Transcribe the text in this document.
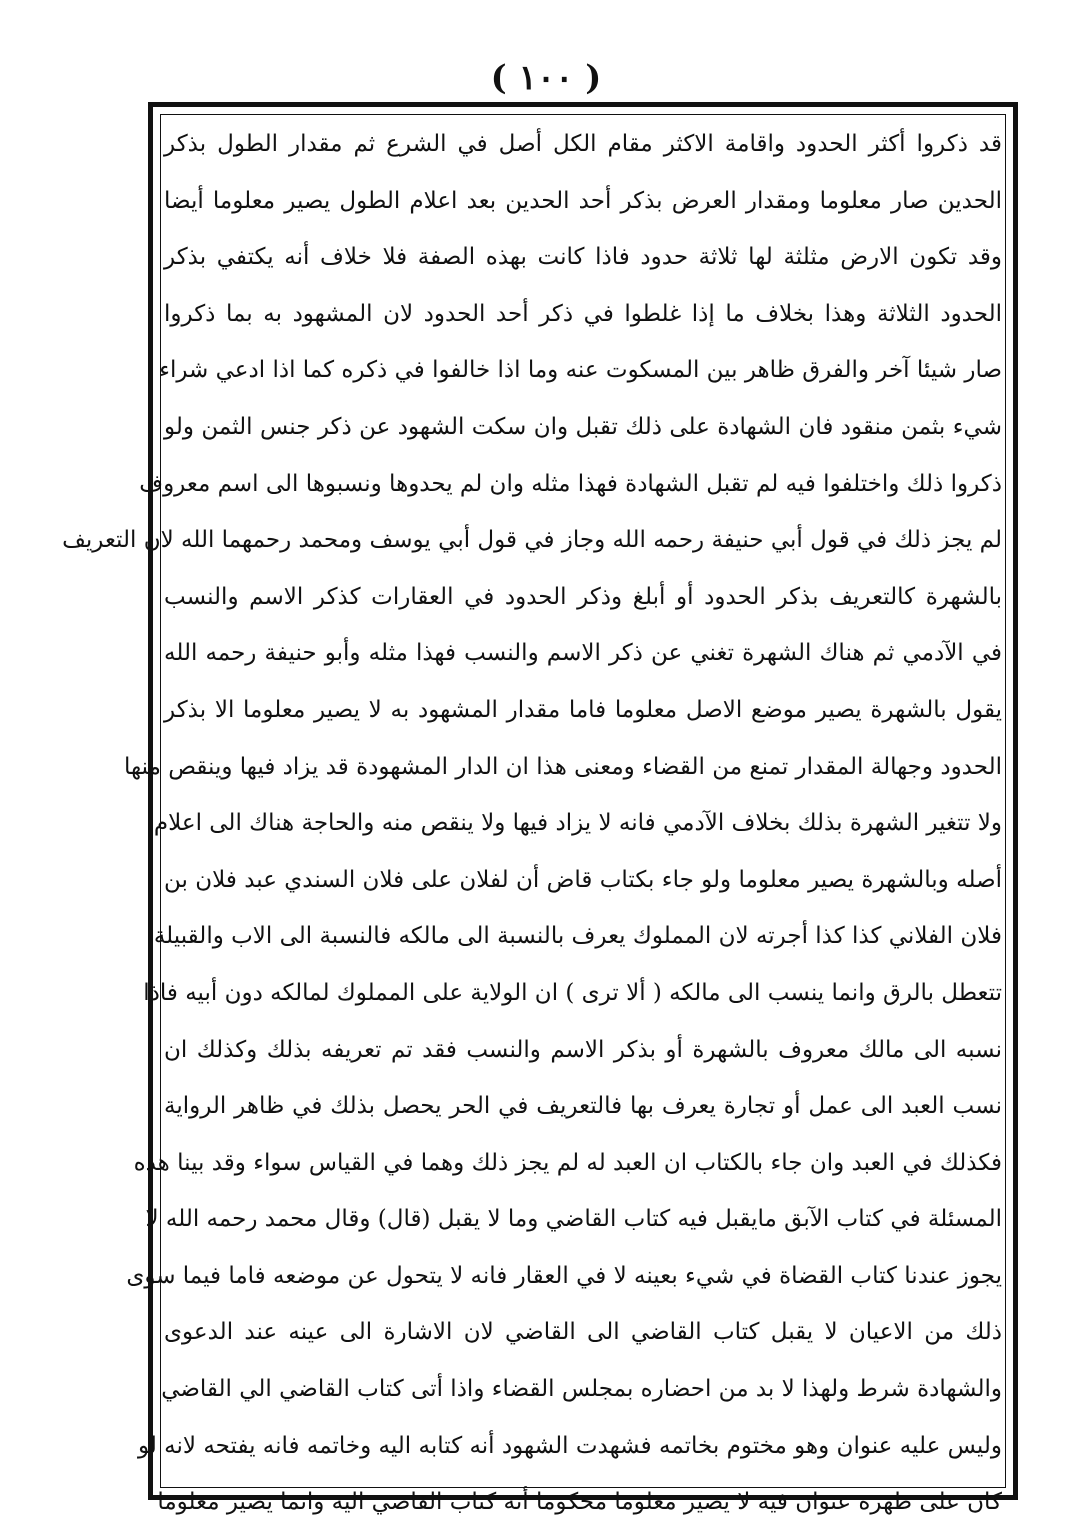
( ١٠٠ )
قد ذكروا أكثر الحدود واقامة الاكثر مقام الكل أصل في الشرع ثم مقدار الطول بذكر
الحدين صار معلوما ومقدار العرض بذكر أحد الحدين بعد اعلام الطول يصير معلوما أيضا
وقد تكون الارض مثلثة لها ثلاثة حدود فاذا كانت بهذه الصفة فلا خلاف أنه يكتفي بذكر
الحدود الثلاثة وهذا بخلاف ما إذا غلطوا في ذكر أحد الحدود لان المشهود به بما ذكروا
صار شيئا آخر والفرق ظاهر بين المسكوت عنه وما اذا خالفوا في ذكره كما اذا ادعي شراء
شيء بثمن منقود فان الشهادة على ذلك تقبل وان سكت الشهود عن ذكر جنس الثمن ولو
ذكروا ذلك واختلفوا فيه لم تقبل الشهادة فهذا مثله وان لم يحدوها ونسبوها الى اسم معروف
لم يجز ذلك في قول أبي حنيفة رحمه الله وجاز في قول أبي يوسف ومحمد رحمهما الله لان التعريف
بالشهرة كالتعريف بذكر الحدود أو أبلغ وذكر الحدود في العقارات كذكر الاسم والنسب
في الآدمي ثم هناك الشهرة تغني عن ذكر الاسم والنسب فهذا مثله وأبو حنيفة رحمه الله
يقول بالشهرة يصير موضع الاصل معلوما فاما مقدار المشهود به لا يصير معلوما الا بذكر
الحدود وجهالة المقدار تمنع من القضاء ومعنى هذا ان الدار المشهودة قد يزاد فيها وينقص منها
ولا تتغير الشهرة بذلك بخلاف الآدمي فانه لا يزاد فيها ولا ينقص منه والحاجة هناك الى اعلام
أصله وبالشهرة يصير معلوما ولو جاء بكتاب قاض أن لفلان على فلان السندي عبد فلان بن
فلان الفلاني كذا كذا أجرته لان المملوك يعرف بالنسبة الى مالكه فالنسبة الى الاب والقبيلة
تتعطل بالرق وانما ينسب الى مالكه ( ألا ترى ) ان الولاية على المملوك لمالكه دون أبيه فاذا
نسبه الى مالك معروف بالشهرة أو بذكر الاسم والنسب فقد تم تعريفه بذلك وكذلك ان
نسب العبد الى عمل أو تجارة يعرف بها فالتعريف في الحر يحصل بذلك في ظاهر الرواية
فكذلك في العبد وان جاء بالكتاب ان العبد له لم يجز ذلك وهما في القياس سواء وقد بينا هذه
المسئلة في كتاب الآبق مايقبل فيه كتاب القاضي وما لا يقبل (قال) وقال محمد رحمه الله لا
يجوز عندنا كتاب القضاة في شيء بعينه لا في العقار فانه لا يتحول عن موضعه فاما فيما سوى
ذلك من الاعيان لا يقبل كتاب القاضي الى القاضي لان الاشارة الى عينه عند الدعوى
والشهادة شرط ولهذا لا بد من احضاره بمجلس القضاء واذا أتى كتاب القاضي الي القاضي
وليس عليه عنوان وهو مختوم بخاتمه فشهدت الشهود أنه كتابه اليه وخاتمه فانه يفتحه لانه لو
كان على ظهره عنوان فيه لا يصير معلوما محكوما أنه كتاب القاضي اليه وانما يصير معلوما
